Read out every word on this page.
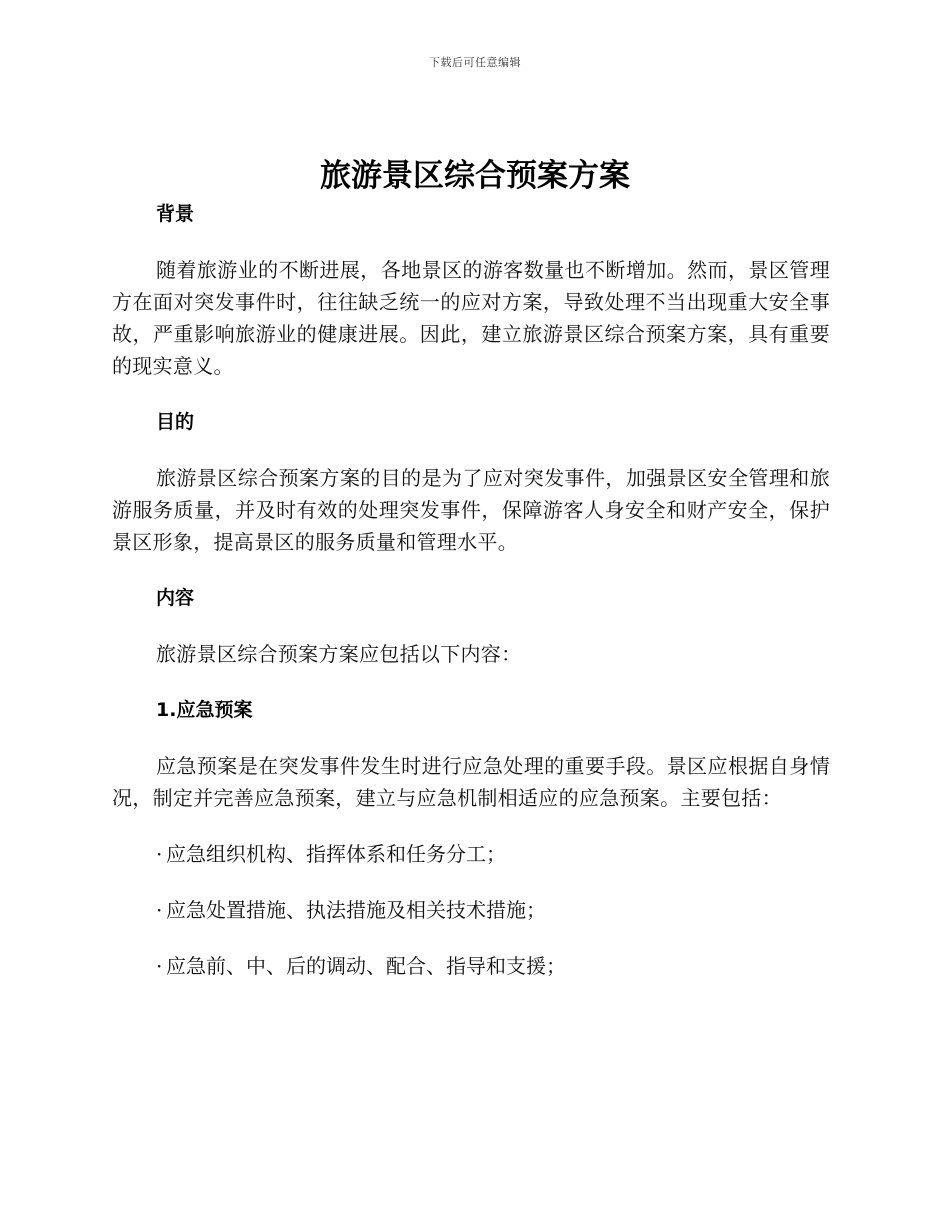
下载后可任意编辑
旅游景区综合预案方案

背景

随着旅游业的不断进展，各地景区的游客数量也不断增加。然而，景区管理方在面对突发事件时，往往缺乏统一的应对方案，导致处理不当出现重大安全事故，严重影响旅游业的健康进展。因此，建立旅游景区综合预案方案，具有重要的现实意义。

目的

旅游景区综合预案方案的目的是为了应对突发事件，加强景区安全管理和旅游服务质量，并及时有效的处理突发事件，保障游客人身安全和财产安全，保护景区形象，提高景区的服务质量和管理水平。

内容

旅游景区综合预案方案应包括以下内容：

1.应急预案

应急预案是在突发事件发生时进行应急处理的重要手段。景区应根据自身情况，制定并完善应急预案，建立与应急机制相适应的应急预案。主要包括：

· 应急组织机构、指挥体系和任务分工；

· 应急处置措施、执法措施及相关技术措施；

· 应急前、中、后的调动、配合、指导和支援；
